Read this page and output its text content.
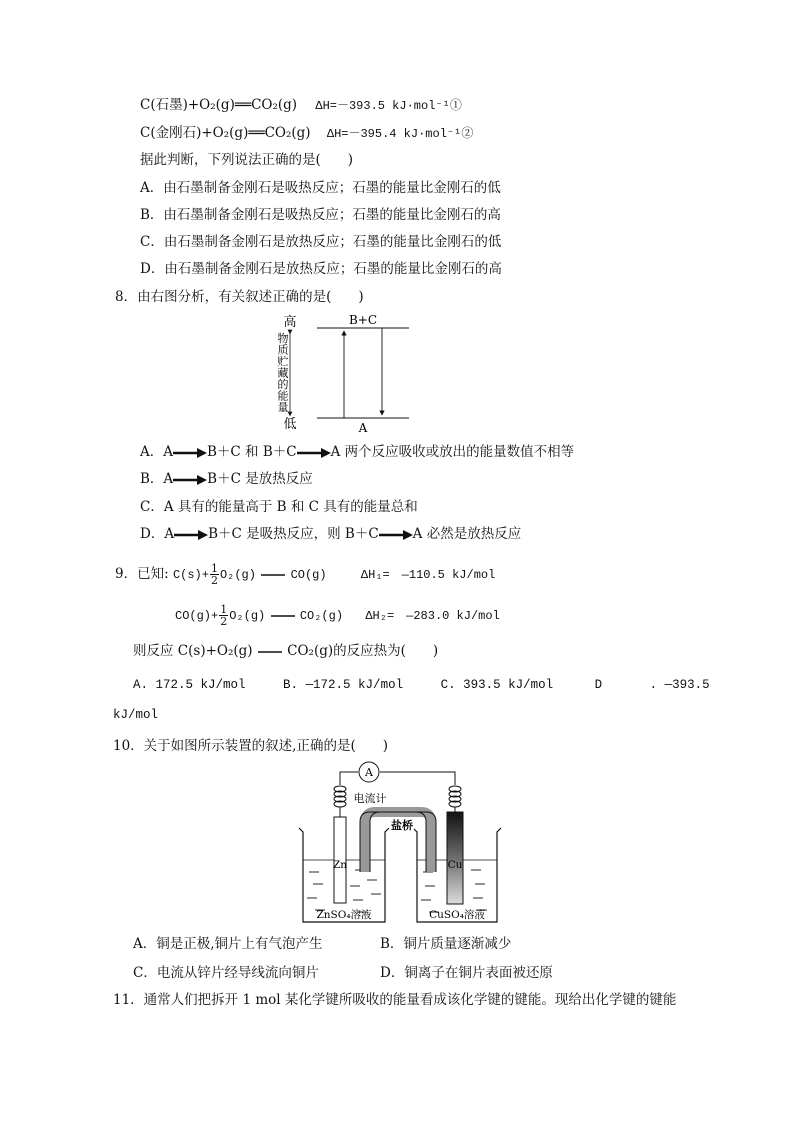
C(石墨)+O₂(g)══CO₂(g) ΔH=－393.5 kJ·mol⁻¹①
C(金刚石)+O₂(g)══CO₂(g) ΔH=－395.4 kJ·mol⁻¹②
据此判断，下列说法正确的是(　　)
A．由石墨制备金刚石是吸热反应；石墨的能量比金刚石的低
B．由石墨制备金刚石是吸热反应；石墨的能量比金刚石的高
C．由石墨制备金刚石是放热反应；石墨的能量比金刚石的低
D．由石墨制备金刚石是放热反应；石墨的能量比金刚石的高
8．由右图分析，有关叙述正确的是(　　)
高
低
物质贮藏的能量
B+C
A
A．A→B＋C 和 B＋C→A 两个反应吸收或放出的能量数值不相等
B．A→B＋C 是放热反应
C．A 具有的能量高于 B 和 C 具有的能量总和
D．A→B＋C 是吸热反应，则 B＋C→A 必然是放热反应
9．已知: $C(s)+ \frac{1}{2} O_2(g)$	CO(g)	ΔH₁=　—110.5 kJ/mol
$CO(g)+ \frac{1}{2} O_2(g)$	CO₂(g) ΔH₂=　—283.0 kJ/mol
则反应 C(s)+O₂(g)	CO₂(g)的反应热为(　　)
A. 172.5 kJ/mol	B. —172.5 kJ/mol	C. 393.5 kJ/mol	D	. —393.5
kJ/mol
10．关于如图所示装置的叙述,正确的是(　　)
A
电流计
Zn	Cu
盐桥
ZnSO₄溶液	CuSO₄溶液
A．铜是正极,铜片上有气泡产生	B．铜片质量逐渐减少
C．电流从锌片经导线流向铜片	D．铜离子在铜片表面被还原
11．通常人们把拆开 1 mol 某化学键所吸收的能量看成该化学键的键能。现给出化学键的键能
